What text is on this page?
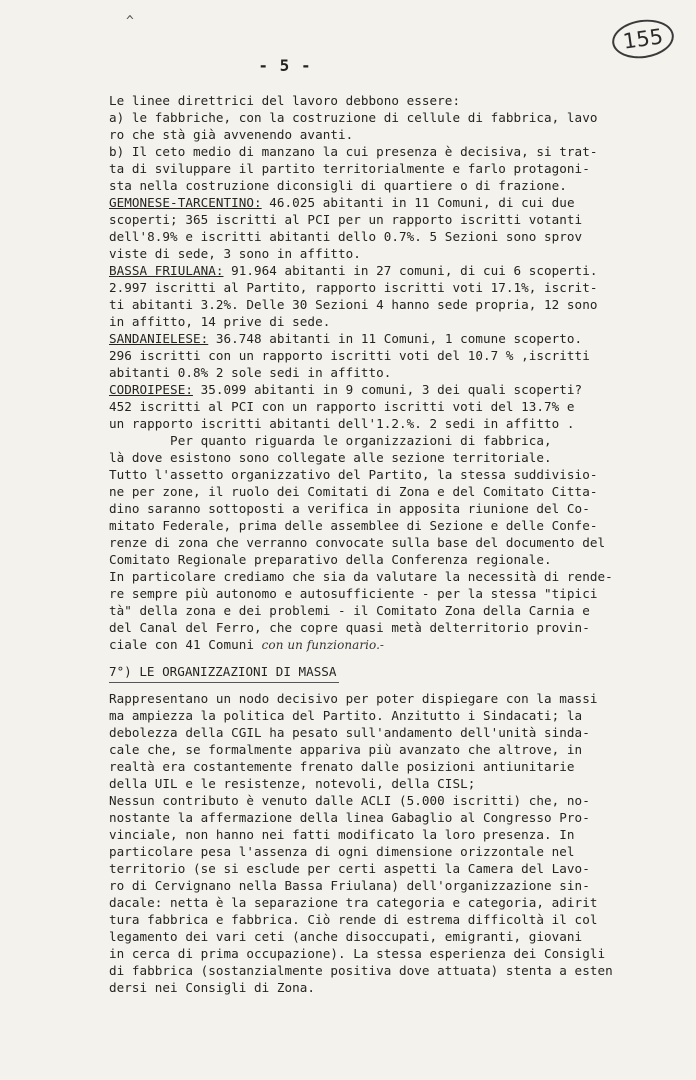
^
155
- 5 -
Le linee direttrici del lavoro debbono essere:
a) le fabbriche, con la costruzione di cellule di fabbrica, lavo
ro che stà già avvenendo avanti.
b) Il ceto medio di manzano la cui presenza è decisiva, si trat-
ta di sviluppare il partito territorialmente e farlo protagoni-
sta nella costruzione diconsigli di quartiere o di frazione.
GEMONESE-TARCENTINO: 46.025 abitanti in 11 Comuni, di cui due
scoperti; 365 iscritti al PCI per un rapporto iscritti votanti
dell'8.9% e iscritti abitanti dello 0.7%. 5 Sezioni sono sprov
viste di sede, 3 sono in affitto.
BASSA FRIULANA: 91.964 abitanti in 27 comuni, di cui 6 scoperti.
2.997 iscritti al Partito, rapporto iscritti voti 17.1%, iscrit-
ti abitanti 3.2%. Delle 30 Sezioni 4 hanno sede propria, 12 sono
in affitto, 14 prive di sede.
SANDANIELESE: 36.748 abitanti in 11 Comuni, 1 comune scoperto.
296 iscritti con un rapporto iscritti voti del 10.7 % ,iscritti
abitanti 0.8% 2 sole sedi in affitto.
CODROIPESE: 35.099 abitanti in 9 comuni, 3 dei quali scoperti?
452 iscritti al PCI con un rapporto iscritti voti del 13.7% e
un rapporto iscritti abitanti dell'1.2.%. 2 sedi in affitto .
Per quanto riguarda le organizzazioni di fabbrica,
là dove esistono sono collegate alle sezione territoriale.
Tutto l'assetto organizzativo del Partito, la stessa suddivisio-
ne per zone, il ruolo dei Comitati di Zona e del Comitato Citta-
dino saranno sottoposti a verifica in apposita riunione del Co-
mitato Federale, prima delle assemblee di Sezione e delle Confe-
renze di zona che verranno convocate sulla base del documento del
Comitato Regionale preparativo della Conferenza regionale.
In particolare crediamo che sia da valutare la necessità di rende-
re sempre più autonomo e autosufficiente - per la stessa "tipici
tà" della zona e dei problemi - il Comitato Zona della Carnia e
del Canal del Ferro, che copre quasi metà delterritorio provin-
ciale con 41 Comuni con un funzionario.-
7°) LE ORGANIZZAZIONI DI MASSA
Rappresentano un nodo decisivo per poter dispiegare con la massi
ma ampiezza la politica del Partito. Anzitutto i Sindacati; la
debolezza della CGIL ha pesato sull'andamento dell'unità sinda-
cale che, se formalmente appariva più avanzato che altrove, in
realtà era costantemente frenato dalle posizioni antiunitarie
della UIL e le resistenze, notevoli, della CISL;
Nessun contributo è venuto dalle ACLI (5.000 iscritti) che, no-
nostante la affermazione della linea Gabaglio al Congresso Pro-
vinciale, non hanno nei fatti modificato la loro presenza. In
particolare pesa l'assenza di ogni dimensione orizzontale nel
territorio (se si esclude per certi aspetti la Camera del Lavo-
ro di Cervignano nella Bassa Friulana) dell'organizzazione sin-
dacale: netta è la separazione tra categoria e categoria, adirit
tura fabbrica e fabbrica. Ciò rende di estrema difficoltà il col
legamento dei vari ceti (anche disoccupati, emigranti, giovani
in cerca di prima occupazione). La stessa esperienza dei Consigli
di fabbrica (sostanzialmente positiva dove attuata) stenta a esten
dersi nei Consigli di Zona.
